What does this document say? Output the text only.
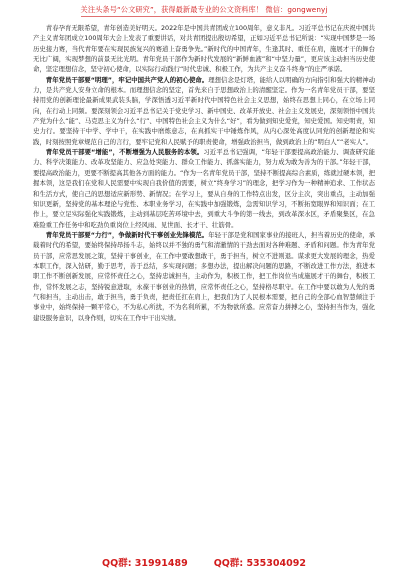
关注头条号“公文研究”，获得最新最专业的公文资料库！ 微信：gongwenyj

青春孕育无限希望，青年创造美好明天。2022年是中国共青团成立100周年，意义非凡。习近平总书记在庆祝中国共产主义青年团成立100周年大会上发表了重要讲话，对共青团提出殷切希望，正如习近平总书记所说：“实现中国梦是一场历史接力赛，当代青年要在实现民族复兴的赛道上奋勇争先。”新时代的中国青年，生逢其时、重任在肩，施展才干的舞台无比广阔，实现梦想的前景无比光明。青年党员干部作为新时代发展的“新鲜血液”和“中坚力量”，更应该主动担当历史使命，坚定理想信念，坚守初心使命，以实际行动践行“时代忠诚、积极工作，为共产主义奋斗终身”的庄严承诺。

青年党员干部要“明理”，牢记中国共产党人的初心使命。理想信念是灯塔，能给人以明确的方向指引和强大的精神动力，是共产党人安身立命的根本。而理想信念的坚定，首先来自于思想政治上的清醒坚定。作为一名青年党员干部，要坚持用党的创新理论最新成果武装头脑，学深悟透习近平新时代中国特色社会主义思想，始终在思想上同心，在立场上同向，在行动上同频。要深刻领会习近平总书记关于党史学习、新中国史、改革开放史、社会主义发展史，深刻领悟中国共产党为什么“能”、马克思主义为什么“行”、中国特色社会主义为什么“好”，看为做到知史爱党，知史爱国。知史明责，知史力行。要坚持干中学、学中干，在实践中磨炼意志，在真抓实干中锤炼作风，从内心深处高度认同党的创新理论和实践，时刻按照党章规范自己的言行，要牢记党和人民赋予的职责使命，增强政治担当，做到政治上的“明白人”“老实人”。

青年党员干部要“增能”，不断增强为人民服务的本领。习近平总书记强调，“年轻干部要提高政治能力、调查研究能力、科学决策能力、改革攻坚能力、应急处突能力、群众工作能力、抓落实能力，努力成为敢为善为的干部。”年轻干部，要提高政治能力，更要不断提高其他各方面的能力。“作为一名青年党员干部，坚持不断提高综合素质，练就过硬本领，把握本领，这是我们在党和人民需要中实现自我价值的需要，树立“终身学习”的理念，把学习作为一种精神追求、工作状态和生活方式，使自己的思想适应新形势、新情况；在学习上，要从自身的工作特点出发，区分主次，突出重点，主动加强知识更新，坚持党的基本理论与党性、本职业务学习，在实践中加强锻炼，急需知识学习，不断拓宽眼界和知识面；在工作上，要立足实际强化实践锻炼，主动到基层吃苦环境中去，到重大斗争的第一线去，到改革深水区，矛盾聚集区，在急难险重工作任务中和吃劲负重岗位上经风雨、见世面、长才干、壮筋骨。

青年党员干部要“力行”，争做新时代干事创业先锋模范。年轻干部是党和国家事业的接班人，担当着历史的使命，承载着时代的希望，要始终保持昂扬斗志，始终以并不独的勇气和清澈情的干劲去面对各种难题、矛盾和问题。作为青年党员干部，应常思发展之策，坚持干事创业，在工作中要敢想敢干，勇于担当，树立不进则退。谋求更大发展的理念，热爱本职工作，深入钻研，勤于思考，善于总结，多实现问题；多想办法，提出解决问题的思路，不断改进工作方法，推进本职工作不断创新发展，应常怀责任之心，坚持忠诚担当，主动作为，积极工作，把工作岗位当成施展才干的舞台，积极工作，常怀发展之志，坚持锐意进取，永葆干事创业的热情，应常怀责任之心，坚持格尽职守。在工作中要以敢为人先的勇气和担当，主动出击，敢于担当，勇于负责，把责任扛在肩上，把我们为了人民根本需要，把自己的全部心血智慧倾注于事业中，始终保持一颗平常心，不为私心所扰，不为名利所累，不为物欲所惑。应常奋力拼搏之心，坚持担当作为，强化建设服务意识，以身作则，切实在工作中干出实绩。

QQ群: 31991489	QQ群: 535304092
